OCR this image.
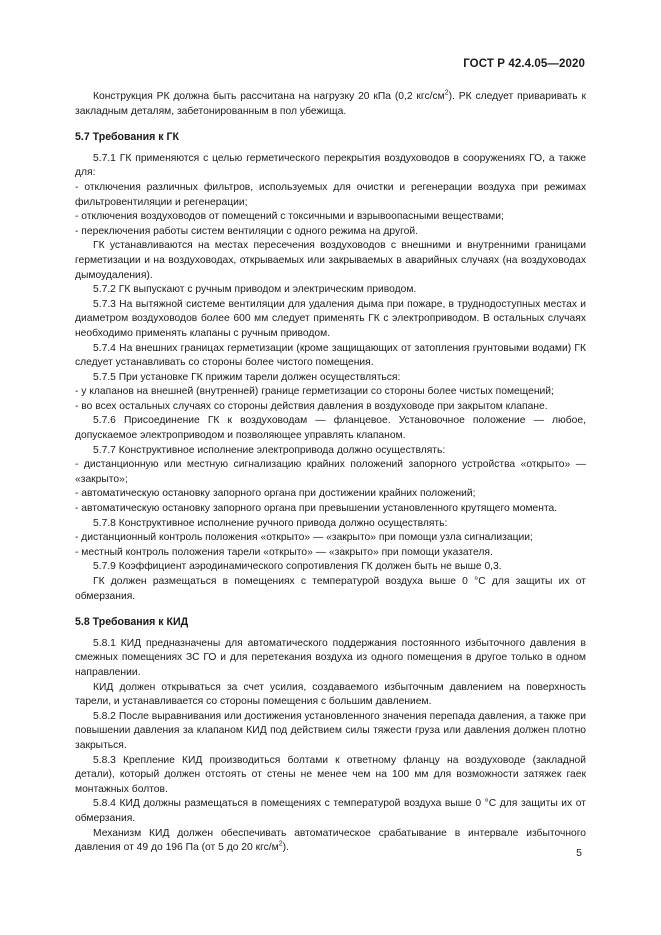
ГОСТ Р 42.4.05—2020

Конструкция РК должна быть рассчитана на нагрузку 20 кПа (0,2 кгс/$см^2$). РК следует приваривать к закладным деталям, забетонированным в пол убежища.

5.7 Требования к ГК

5.7.1 ГК применяются с целью герметического перекрытия воздуховодов в сооружениях ГО, а также для:

- отключения различных фильтров, используемых для очистки и регенерации воздуха при режимах фильтровентиляции и регенерации;

- отключения воздуховодов от помещений с токсичными и взрывоопасными веществами;

- переключения работы систем вентиляции с одного режима на другой.

ГК устанавливаются на местах пересечения воздуховодов с внешними и внутренними границами герметизации и на воздуховодах, открываемых или закрываемых в аварийных случаях (на воздуховодах дымоудаления).

5.7.2 ГК выпускают с ручным приводом и электрическим приводом.

5.7.3 На вытяжной системе вентиляции для удаления дыма при пожаре, в труднодоступных местах и диаметром воздуховодов более 600 мм следует применять ГК с электроприводом. В остальных случаях необходимо применять клапаны с ручным приводом.

5.7.4 На внешних границах герметизации (кроме защищающих от затопления грунтовыми водами) ГК следует устанавливать со стороны более чистого помещения.

5.7.5 При установке ГК прижим тарели должен осуществляться:

- у клапанов на внешней (внутренней) границе герметизации со стороны более чистых помещений;

- во всех остальных случаях со стороны действия давления в воздуховоде при закрытом клапане.

5.7.6 Присоединение ГК к воздуховодам — фланцевое. Установочное положение — любое, допускаемое электроприводом и позволяющее управлять клапаном.

5.7.7 Конструктивное исполнение электропривода должно осуществлять:

- дистанционную или местную сигнализацию крайних положений запорного устройства «открыто» — «закрыто»;

- автоматическую остановку запорного органа при достижении крайних положений;

- автоматическую остановку запорного органа при превышении установленного крутящего момента.

5.7.8 Конструктивное исполнение ручного привода должно осуществлять:

- дистанционный контроль положения «открыто» — «закрыто» при помощи узла сигнализации;

- местный контроль положения тарели «открыто» — «закрыто» при помощи указателя.

5.7.9 Коэффициент аэродинамического сопротивления ГК должен быть не выше 0,3.

ГК должен размещаться в помещениях с температурой воздуха выше 0 °С для защиты их от обмерзания.

5.8 Требования к КИД

5.8.1 КИД предназначены для автоматического поддержания постоянного избыточного давления в смежных помещениях ЗС ГО и для перетекания воздуха из одного помещения в другое только в одном направлении.

КИД должен открываться за счет усилия, создаваемого избыточным давлением на поверхность тарели, и устанавливается со стороны помещения с большим давлением.

5.8.2 После выравнивания или достижения установленного значения перепада давления, а также при повышении давления за клапаном КИД под действием силы тяжести груза или давления должен плотно закрыться.

5.8.3 Крепление КИД производиться болтами к ответному фланцу на воздуховоде (закладной детали), который должен отстоять от стены не менее чем на 100 мм для возможности затяжек гаек монтажных болтов.

5.8.4 КИД должны размещаться в помещениях с температурой воздуха выше 0 °С для защиты их от обмерзания.

Механизм КИД должен обеспечивать автоматическое срабатывание в интервале избыточного давления от 49 до 196 Па (от 5 до 20 кгс/$м^2$).	5
